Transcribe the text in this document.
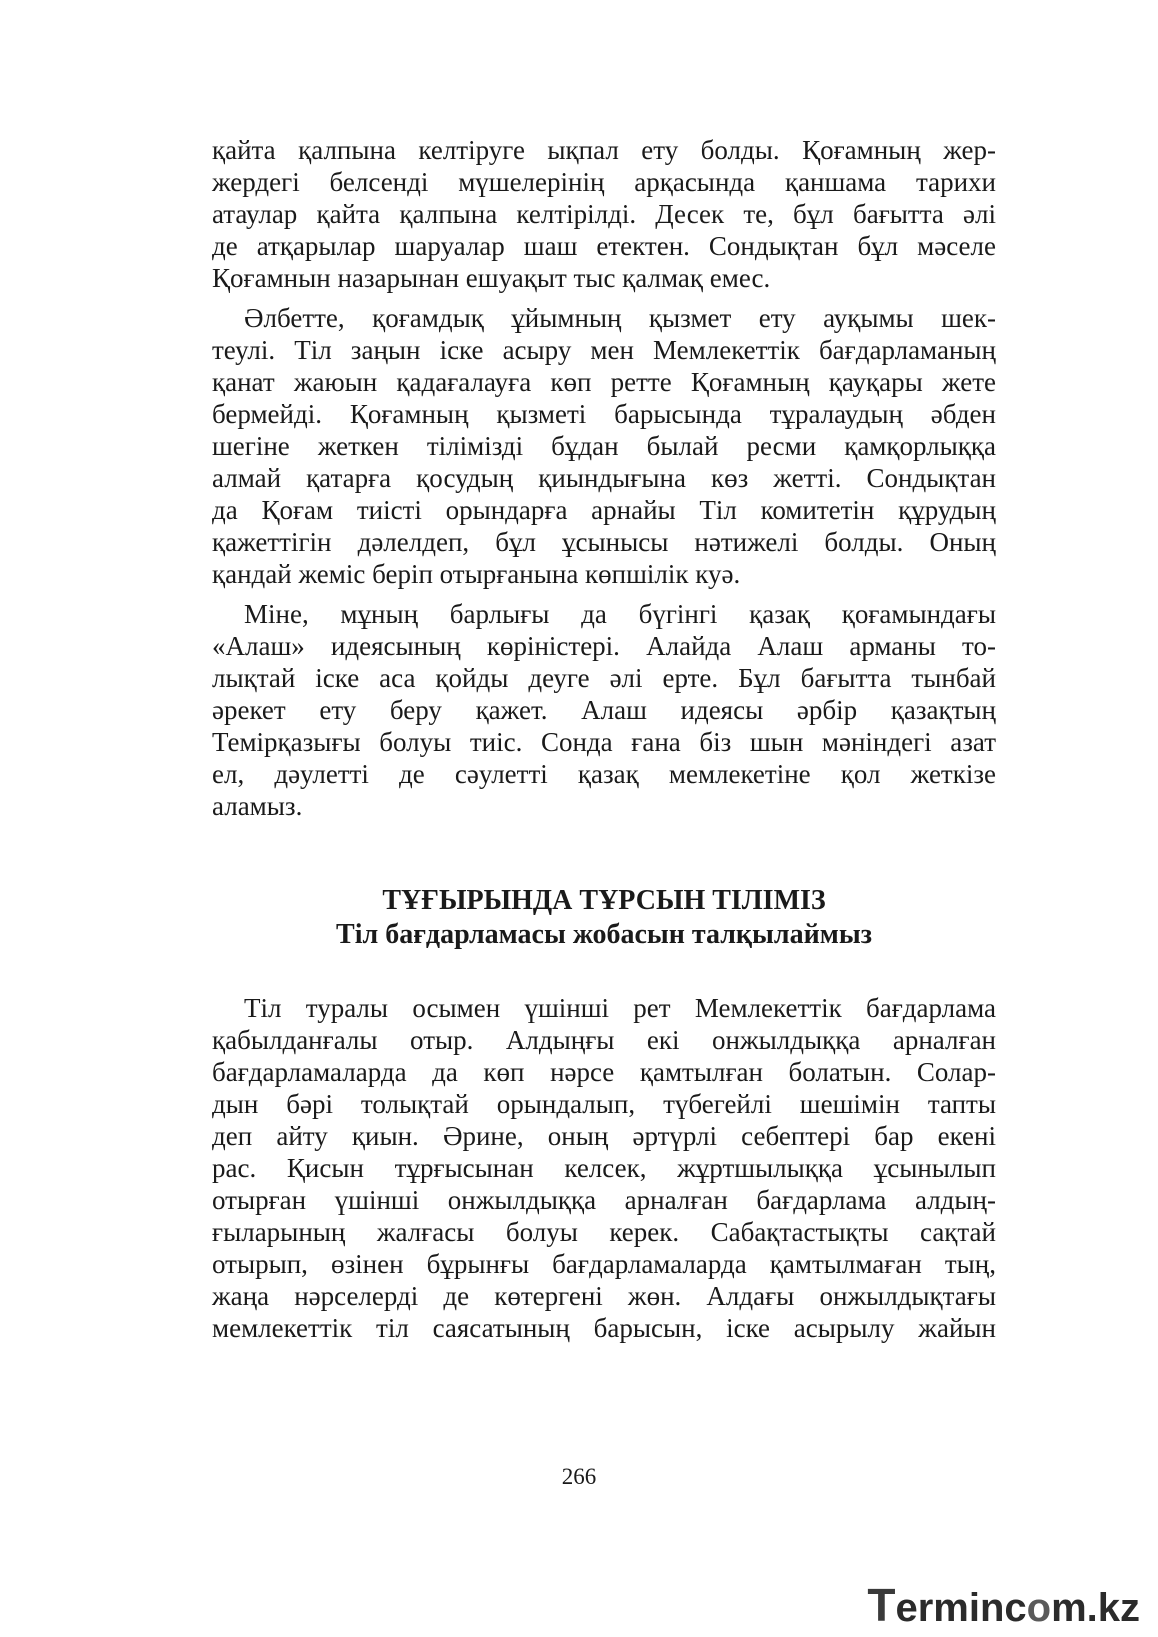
қайта қалпына келтіруге ықпал ету болды. Қоғамның жер-
жердегі белсенді мүшелерінің арқасында қаншама тарихи
атаулар қайта қалпына келтірілді. Десек те, бұл бағытта әлі
де атқарылар шаруалар шаш етектен. Сондықтан бұл мәселе
Қоғамнын назарынан ешуақыт тыс қалмақ емес.
Әлбетте, қоғамдық ұйымның қызмет ету ауқымы шек-
теулі. Тіл заңын іске асыру мен Мемлекеттік бағдарламаның
қанат жаюын қадағалауға көп ретте Қоғамның қауқары жете
бермейді. Қоғамның қызметі барысында тұралаудың әбден
шегіне жеткен тілімізді бұдан былай ресми қамқорлыққа
алмай қатарға қосудың қиындығына көз жетті. Сондықтан
да Қоғам тиісті орындарға арнайы Тіл комитетін құрудың
қажеттігін дәлелдеп, бұл ұсынысы нәтижелі болды. Оның
қандай жеміс беріп отырғанына көпшілік куә.
Міне, мұның барлығы да бүгінгі қазақ қоғамындағы
«Алаш» идеясының көріністері. Алайда Алаш арманы то-
лықтай іске аса қойды деуге әлі ерте. Бұл бағытта тынбай
әрекет ету беру қажет. Алаш идеясы әрбір қазақтың
Темірқазығы болуы тиіс. Сонда ғана біз шын мәніндегі азат
ел, дәулетті де сәулетті қазақ мемлекетіне қол жеткізе
аламыз.
ТҰҒЫРЫНДА ТҰРСЫН ТІЛІМІЗ
Тіл бағдарламасы жобасын талқылаймыз
Тіл туралы осымен үшінші рет Мемлекеттік бағдарлама
қабылданғалы отыр. Алдыңғы екі онжылдыққа арналған
бағдарламаларда да көп нәрсе қамтылған болатын. Солар-
дын бәрі толықтай орындалып, түбегейлі шешімін тапты
деп айту қиын. Әрине, оның әртүрлі себептері бар екені
рас. Қисын тұрғысынан келсек, жұртшылыққа ұсынылып
отырған үшінші онжылдыққа арналған бағдарлама алдың-
ғыларының жалғасы болуы керек. Сабақтастықты сақтай
отырып, өзінен бұрынғы бағдарламаларда қамтылмаған тың,
жаңа нәрселерді де көтергені жөн. Алдағы онжылдықтағы
мемлекеттік тіл саясатының барысын, іске асырылу жайын
266
Termincom.kz
